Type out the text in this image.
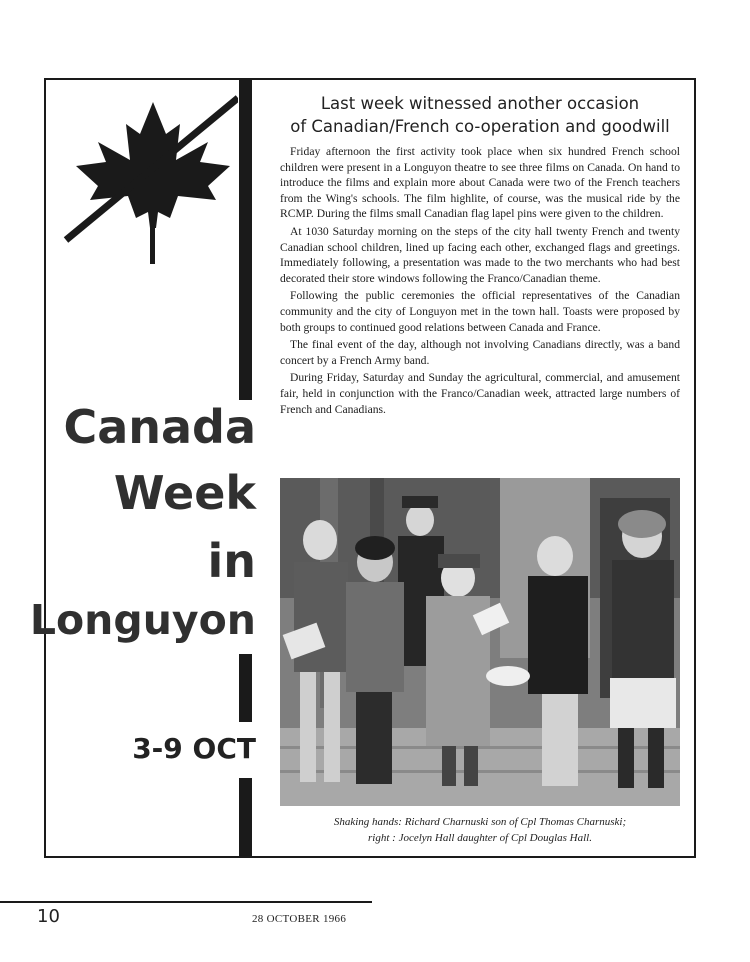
Canada
Week
in
Longuyon
3-9 OCT
Last week witnessed another occasion
of Canadian/French co-operation and goodwill

Friday afternoon the first activity took place when six hundred French school children were present in a Longuyon theatre to see three films on Canada. On hand to introduce the films and explain more about Canada were two of the French teachers from the Wing's schools. The film highlite, of course, was the musical ride by the RCMP. During the films small Canadian flag lapel pins were given to the children.

At 1030 Saturday morning on the steps of the city hall twenty French and twenty Canadian school children, lined up facing each other, exchanged flags and greetings. Immediately following, a presentation was made to the two merchants who had best decorated their store windows following the Franco/Canadian theme.

Following the public ceremonies the official representatives of the Canadian community and the city of Longuyon met in the town hall. Toasts were proposed by both groups to continued good relations between Canada and France.

The final event of the day, although not involving Canadians directly, was a band concert by a French Army band.

During Friday, Saturday and Sunday the agricultural, commercial, and amusement fair, held in conjunction with the Franco/Canadian week, attracted large numbers of French and Canadians.

Shaking hands: Richard Charnuski son of Cpl Thomas Charnuski;
right : Jocelyn Hall daughter of Cpl Douglas Hall.
10	28 OCTOBER 1966
